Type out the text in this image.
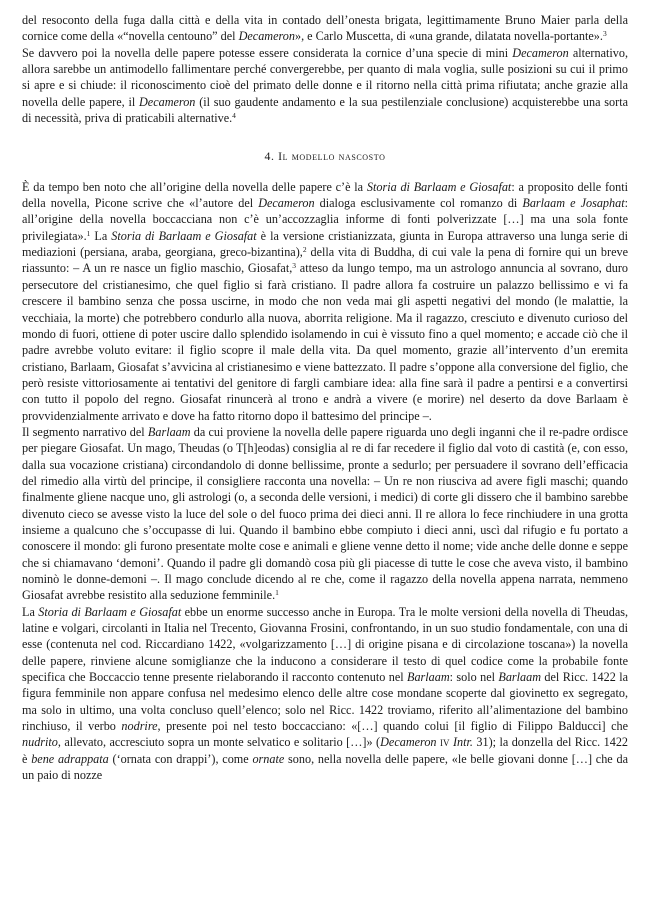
del resoconto della fuga dalla città e della vita in contado dell’onesta brigata, legittimamente Bruno Maier parla della cornice come della «“novella centouno” del Decameron», e Carlo Muscetta, di «una grande, dilatata novella-portante».$^3$

Se davvero poi la novella delle papere potesse essere considerata la cornice d’una specie di mini Decameron alternativo, allora sarebbe un antimodello fallimentare perché convergerebbe, per quanto di mala voglia, sulle posizioni su cui il primo si apre e si chiude: il riconoscimento cioè del primato delle donne e il ritorno nella città prima rifiutata; anche grazie alla novella delle papere, il Decameron (il suo gaudente andamento e la sua pestilenziale conclusione) acquisterebbe una sorta di necessità, priva di praticabili alternative.$^4$

4. Il modello nascosto

È da tempo ben noto che all’origine della novella delle papere c’è la Storia di Barlaam e Giosafat: a proposito delle fonti della novella, Picone scrive che «l’autore del Decameron dialoga esclusivamente col romanzo di Barlaam e Josaphat: all’origine della novella boccacciana non c’è un’accozzaglia informe di fonti polverizzate […] ma una sola fonte privilegiata».$^1$ La Storia di Barlaam e Giosafat è la versione cristianizzata, giunta in Europa attraverso una lunga serie di mediazioni (persiana, araba, georgiana, greco-bizantina),$^2$ della vita di Buddha, di cui vale la pena di fornire qui un breve riassunto: – A un re nasce un figlio maschio, Giosafat,$^3$ atteso da lungo tempo, ma un astrologo annuncia al sovrano, duro persecutore del cristianesimo, che quel figlio si farà cristiano. Il padre allora fa costruire un palazzo bellissimo e vi fa crescere il bambino senza che possa uscirne, in modo che non veda mai gli aspetti negativi del mondo (le malattie, la vecchiaia, la morte) che potrebbero condurlo alla nuova, aborrita religione. Ma il ragazzo, cresciuto e divenuto curioso del mondo di fuori, ottiene di poter uscire dallo splendido isolamendo in cui è vissuto fino a quel momento; e accade ciò che il padre avrebbe voluto evitare: il figlio scopre il male della vita. Da quel momento, grazie all’intervento d’un eremita cristiano, Barlaam, Giosafat s’avvicina al cristianesimo e viene battezzato. Il padre s’oppone alla conversione del figlio, che però resiste vittoriosamente ai tentativi del genitore di fargli cambiare idea: alla fine sarà il padre a pentirsi e a convertirsi con tutto il popolo del regno. Giosafat rinuncerà al trono e andrà a vivere (e morire) nel deserto da dove Barlaam è provvidenzialmente arrivato e dove ha fatto ritorno dopo il battesimo del principe –.

Il segmento narrativo del Barlaam da cui proviene la novella delle papere riguarda uno degli inganni che il re-padre ordisce per piegare Giosafat. Un mago, Theudas (o T[h]eodas) consiglia al re di far recedere il figlio dal voto di castità (e, con esso, dalla sua vocazione cristiana) circondandolo di donne bellissime, pronte a sedurlo; per persuadere il sovrano dell’efficacia del rimedio alla virtù del principe, il consigliere racconta una novella: – Un re non riusciva ad avere figli maschi; quando finalmente gliene nacque uno, gli astrologi (o, a seconda delle versioni, i medici) di corte gli dissero che il bambino sarebbe divenuto cieco se avesse visto la luce del sole o del fuoco prima dei dieci anni. Il re allora lo fece rinchiudere in una grotta insieme a qualcuno che s’occupasse di lui. Quando il bambino ebbe compiuto i dieci anni, uscì dal rifugio e fu portato a conoscere il mondo: gli furono presentate molte cose e animali e gliene venne detto il nome; vide anche delle donne e seppe che si chiamavano ‘demoni’. Quando il padre gli domandò cosa più gli piacesse di tutte le cose che aveva visto, il bambino nominò le donne-demoni –. Il mago conclude dicendo al re che, come il ragazzo della novella appena narrata, nemmeno Giosafat avrebbe resistito alla seduzione femminile.$^1$

La Storia di Barlaam e Giosafat ebbe un enorme successo anche in Europa. Tra le molte versioni della novella di Theudas, latine e volgari, circolanti in Italia nel Trecento, Giovanna Frosini, confrontando, in un suo studio fondamentale, con una di esse (contenuta nel cod. Riccardiano 1422, «volgarizzamento […] di origine pisana e di circolazione toscana») la novella delle papere, rinviene alcune somiglianze che la inducono a considerare il testo di quel codice come la probabile fonte specifica che Boccaccio tenne presente rielaborando il racconto contenuto nel Barlaam: solo nel Barlaam del Ricc. 1422 la figura femminile non appare confusa nel medesimo elenco delle altre cose mondane scoperte dal giovinetto ex segregato, ma solo in ultimo, una volta concluso quell’elenco; solo nel Ricc. 1422 troviamo, riferito all’alimentazione del bambino rinchiuso, il verbo nodrire, presente poi nel testo boccacciano: «[…] quando colui [il figlio di Filippo Balducci] che nudrito, allevato, accresciuto sopra un monte selvatico e solitario […]» (Decameron iv Intr. 31); la donzella del Ricc. 1422 è bene adrappata (‘ornata con drappi’), come ornate sono, nella novella delle papere, «le belle giovani donne […] che da un paio di nozze
